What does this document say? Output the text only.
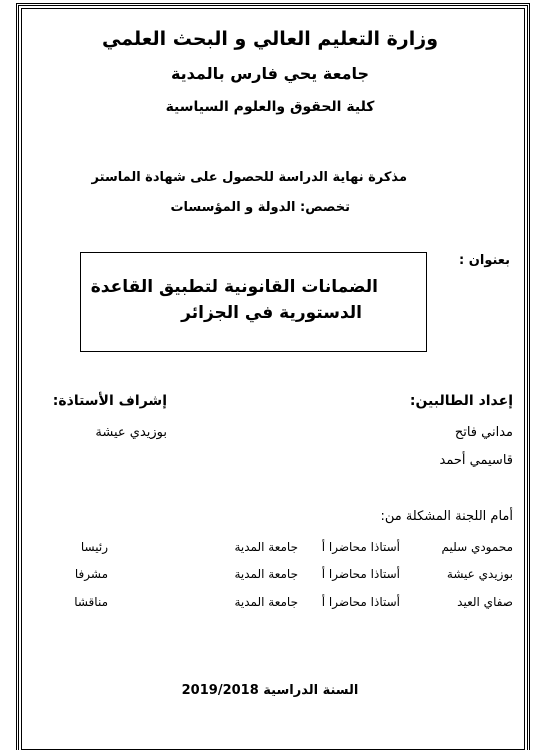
وزارة التعليم العالي و البحث العلمي
جامعة يحي فارس بالمدية
كلية الحقوق والعلوم السياسية
مذكرة نهاية الدراسة للحصول على شهادة الماستر
تخصص: الدولة و المؤسسات
بعنوان :
الضمانات القانونية لتطبيق القاعدة
الدستورية في الجزائر
إعداد الطالبين:
إشراف الأستاذة:
مداني فاتح
بوزيدي عيشة
قاسيمي أحمد
أمام اللجنة المشكلة من:
محمودي سليم
أستاذا محاضرا أ
جامعة المدية
رئيسا
بوزيدي عيشة
أستاذا محاضرا أ
جامعة المدية
مشرفا
صفاي العيد
أستاذا محاضرا أ
جامعة المدية
مناقشا
السنة الدراسية 2019/2018
